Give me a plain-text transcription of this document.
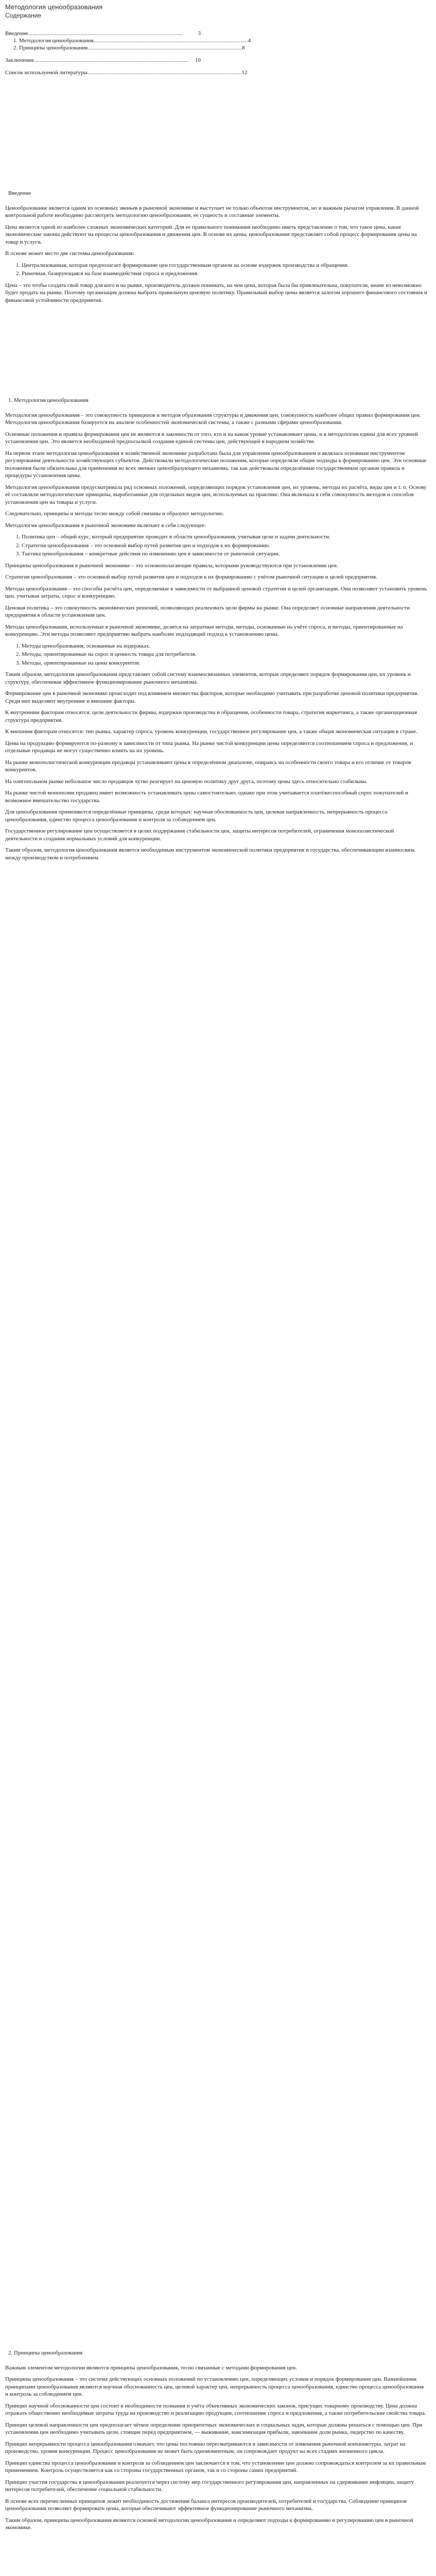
Методология ценообразования
Содержание
Введение .............................................................................................................	3
1. Методология ценообразования ............................................................................................................. 4
2. Принципы ценообразования ............................................................................................................. 8
Заключение .............................................................................................................	10
Список используемой литературы ............................................................................................................. 12
Введение

Ценообразование является одним из основных звеньев в рыночной экономике и выступает не только объектом инструментом, но и важным рычагом управления. В данной контрольной работе необходимо рассмотреть методологию ценообразования, ее сущность и составные элементы.

Цена является одной из наиболее сложных экономических категорий. Для ее правильного понимания необходимо иметь представление о том, что такое цена, какие экономические законы действуют на процессы ценообразования и движения цен. В основе их цены, ценообразование представляет собой процесс формирования цены на товар и услуги.

В основе может место две системы ценообразования:

1. Централизованная, которая предполагает формирование цен государственным органом на основе издержек производства и обращения.
2. Рыночная, базирующаяся на базе взаимодействия спроса и предложения.

Цена – это чтобы создать свой товар для кого и на рынке, производитель должен понимать, на чем цена, которая была бы привлекательна, покупатели, иначе из невозможно будет продать на рынке. Поэтому организация должна выбрать правильную ценовую политику. Правильный выбор цены является залогом хорошего финансового состояния и финансовой устойчивости предприятия.

1. Методология ценообразования

Методология ценообразования – это совокупность принципов и методов образования структуры и движения цен, совокупность наиболее общих правил формирования цен. Методология ценообразования базируется на анализе особенностей экономической системы, а также с разными сферами ценообразования.

Основные положения и правила формирования цен не являются в законности от того, кто и на каком уровне устанавливает цены, и в методологии едины для всех уровней установления цен. Это является необходимой предпосылкой создания единой системы цен, действующей в народном хозяйстве.

На первом этапе методология ценообразования в хозяйственной экономике разработана была для управления ценообразованием и являлась основным инструментом регулирования деятельности хозяйствующих субъектов. Действовали методологические положения, которые определяли общие подходы к формированию цен. Эти основные положения были обязательны для применения во всех звеньях ценообразующего механизма, так как действовали определённые государственным органом правила и процедуры установления цены.

Методология ценообразования предусматривала ряд основных положений, определяющих порядок установления цен, их уровень, методы их расчёта, виды цен и т. п. Основу её составляли методологические принципы, выработанные для отдельных видов цен, используемых на практике. Она включала в себя совокупность методов и способов установления цен на товары и услуги.

Следовательно, принципы и методы тесно между собой связаны и образуют методологию.

Методология ценообразования в рыночной экономике включает в себя следующее:

1. Политика цен – общий курс, который предприятие проводит в области ценообразования, учитывая цели и задачи деятельности.
2. Стратегия ценообразования – это основной выбор путей развития цен и подходов к их формированию.
3. Тактика ценообразования – конкретные действия по изменению цен в зависимости от рыночной ситуации.

Принципы ценообразования в рыночной экономике – это основополагающие правила, которыми руководствуются при установлении цен.

Стратегия ценообразования – это основной выбор путей развития цен и подходов к их формированию с учётом рыночной ситуации и целей предприятия.

Методы ценообразования – это способы расчёта цен, определяемые в зависимости от выбранной ценовой стратегии и целей организации. Они позволяют установить уровень цен, учитывая затраты, спрос и конкуренцию.

Ценовая политика – это совокупность экономических решений, позволяющих реализовать цели фирмы на рынке. Она определяет основные направления деятельности предприятия в области установления цен.

Методы ценообразования, используемые в рыночной экономике, делятся на затратные методы, методы, основанные на учёте спроса, и методы, ориентированные на конкуренцию. Эти методы позволяют предприятию выбрать наиболее подходящий подход к установлению цены.

1. Методы ценообразования, основанные на издержках.
2. Методы, ориентированные на спрос и ценность товара для потребителя.
3. Методы, ориентированные на цены конкурентов.

Таким образом, методология ценообразования представляет собой систему взаимосвязанных элементов, которые определяют порядок формирования цен, их уровень и структуру, обеспечивая эффективное функционирование рыночного механизма.

Формирование цен в рыночной экономике происходит под влиянием множества факторов, которые необходимо учитывать при разработке ценовой политики предприятия. Среди них выделяют внутренние и внешние факторы.

К внутренним факторам относятся: цели деятельности фирмы, издержки производства и обращения, особенности товара, стратегия маркетинга, а также организационная структура предприятия.

К внешним факторам относятся: тип рынка, характер спроса, уровень конкуренции, государственное регулирование цен, а также общая экономическая ситуация в стране.

Цены на продукцию формируются по-разному в зависимости от типа рынка. На рынке чистой конкуренции цены определяются соотношением спроса и предложения, и отдельные продавцы не могут существенно влиять на их уровень.

На рынке монополистической конкуренции продавцы устанавливают цены в определённом диапазоне, опираясь на особенности своего товара и его отличие от товаров конкурентов.

На олигопольном рынке небольшое число продавцов чутко реагирует на ценовую политику друг друга, поэтому цены здесь относительно стабильны.

На рынке чистой монополии продавец имеет возможность устанавливать цены самостоятельно, однако при этом учитывается платёжеспособный спрос покупателей и возможное вмешательство государства.

Для ценообразования применяются определённые принципы, среди которых: научная обоснованность цен, целевая направленность, непрерывность процесса ценообразования, единство процесса ценообразования и контроля за соблюдением цен.

Государственное регулирование цен осуществляется в целях поддержания стабильности цен, защиты интересов потребителей, ограничения монополистической деятельности и создания нормальных условий для конкуренции.

Таким образом, методология ценообразования является необходимым инструментом экономической политики предприятия и государства, обеспечивающим взаимосвязь между производством и потреблением.

2. Принципы ценообразования

Важным элементом методологии являются принципы ценообразования, тесно связанные с методами формирования цен.

Принципы ценообразования – это система действующих основных положений по установлению цен, определяющих условия и порядок формирования цен. Важнейшими принципами ценообразования являются научная обоснованность цен, целевой характер цен, непрерывность процесса ценообразования, единство процесса ценообразования и контроль за соблюдением цен.

Принцип научной обоснованности цен состоит в необходимости познания и учёта объективных экономических законов, присущих товарному производству. Цена должна отражать общественно необходимые затраты труда на производство и реализацию продукции, соотношение спроса и предложения, а также потребительские свойства товара.

Принцип целевой направленности цен предполагает чёткое определение приоритетных экономических и социальных задач, которые должны решаться с помощью цен. При установлении цен необходимо учитывать цели, стоящие перед предприятием, — выживание, максимизация прибыли, завоевание доли рынка, лидерство по качеству.

Принцип непрерывности процесса ценообразования означает, что цены постоянно пересматриваются в зависимости от изменения рыночной конъюнктуры, затрат на производство, уровня конкуренции. Процесс ценообразования не может быть одномоментным, он сопровождает продукт на всех стадиях жизненного цикла.

Принцип единства процесса ценообразования и контроля за соблюдением цен заключается в том, что установление цен должно сопровождаться контролем за их правильным применением. Контроль осуществляется как со стороны государственных органов, так и со стороны самих предприятий.

Принцип участия государства в ценообразовании реализуется через систему мер государственного регулирования цен, направленных на сдерживание инфляции, защиту интересов потребителей, обеспечение социальной стабильности.

В основе всех перечисленных принципов лежит необходимость достижения баланса интересов производителей, потребителей и государства. Соблюдение принципов ценообразования позволяет формировать цены, которые обеспечивают эффективное функционирование рыночного механизма.

Таким образом, принципы ценообразования являются основой методологии ценообразования и определяют подходы к формированию и регулированию цен в рыночной экономике.
